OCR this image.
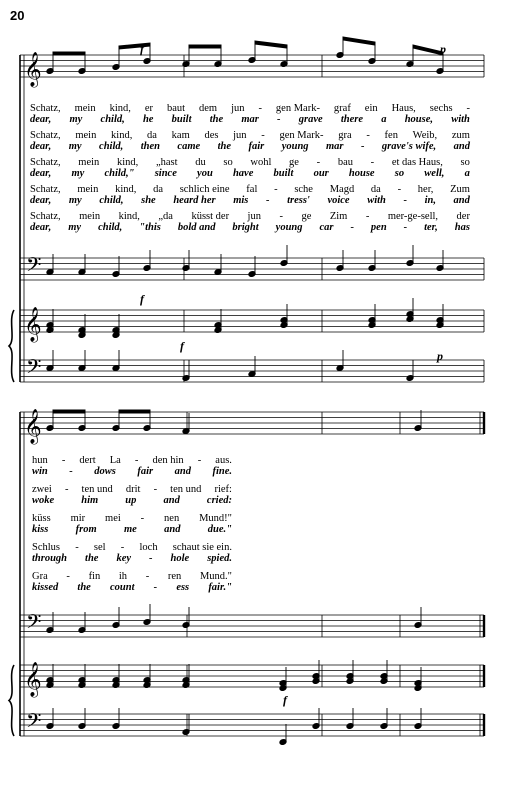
20
𝄞
𝄢
𝄞
𝄢
𝄞
𝄢
𝄞
𝄢
f	p
f
f
p
f
Schatz, mein kind, er baut dem jun - gen Mark- graf ein Haus, sechs -
dear, my child, he built the mar - grave there a house, with
Schatz, mein kind, da kam des jun - gen Mark- gra - fen Weib, zum
dear, my child, then came the fair young mar - grave's wife, and
Schatz, mein kind, „hast du so wohl ge - bau - et das Haus, so
dear, my child," since you have built our house so well, a
Schatz, mein kind, da schlich eine fal - sche Magd da - her, Zum
dear, my child, she heard her mis - tress' voice with - in, and
Schatz, mein kind, „da küsst der jun - ge Zim - mer-ge-sell, der
dear, my child, "this bold and bright young car - pen - ter, has
hun - dert La - den hin - aus.
win - dows fair and fine.
zwei - ten und drit - ten und rief:
woke	him	up	and	cried:
küss mir mei - nen Mund!"
kiss	from	me	and	due."
Schlus - sel - loch schaut sie ein.
through the key - hole spied.
Gra - fin ih - ren Mund."
kissed the count - ess fair."
